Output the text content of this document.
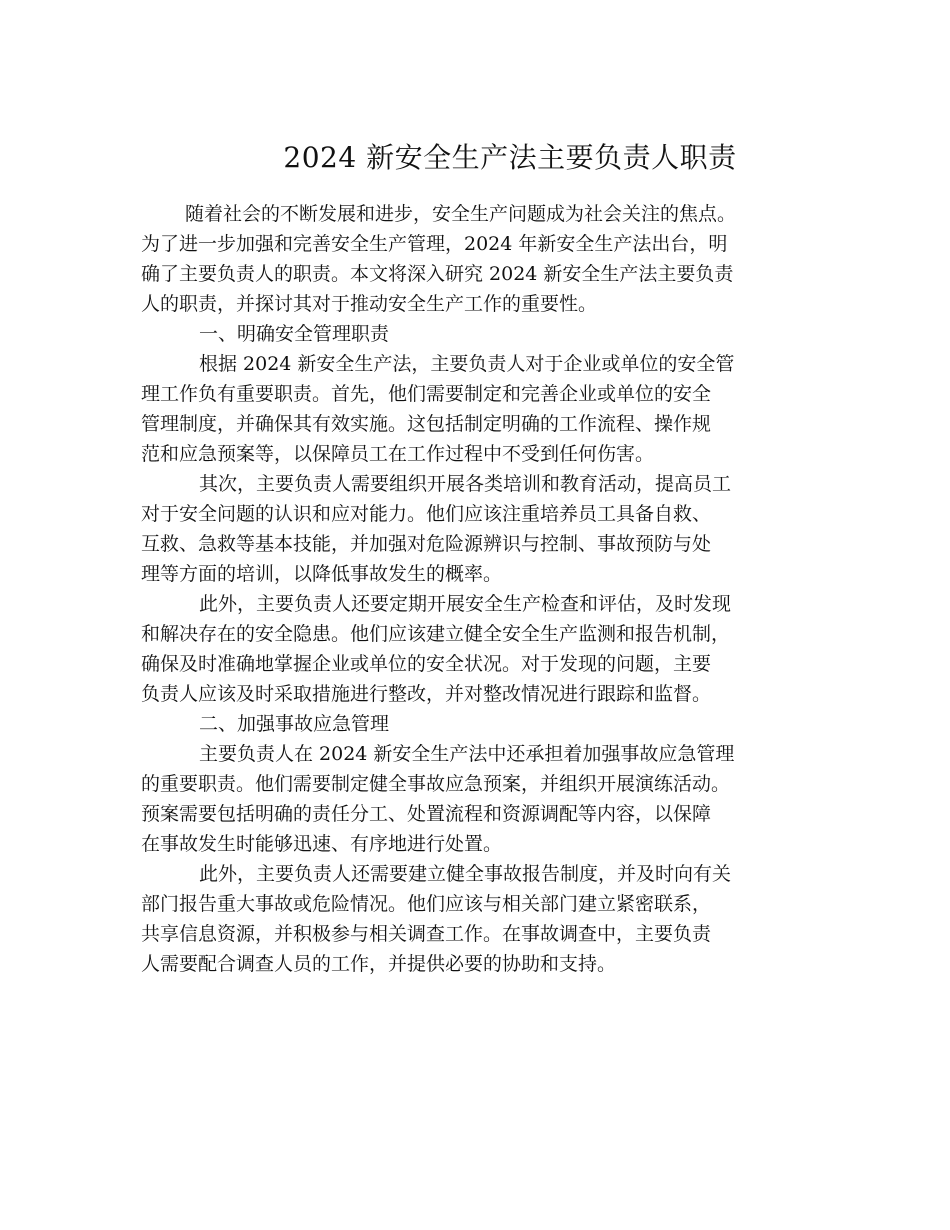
2024 新安全生产法主要负责人职责
随着社会的不断发展和进步，安全生产问题成为社会关注的焦点。
为了进一步加强和完善安全生产管理，2024 年新安全生产法出台，明
确了主要负责人的职责。本文将深入研究 2024 新安全生产法主要负责
人的职责，并探讨其对于推动安全生产工作的重要性。
一、明确安全管理职责
根据 2024 新安全生产法，主要负责人对于企业或单位的安全管
理工作负有重要职责。首先，他们需要制定和完善企业或单位的安全
管理制度，并确保其有效实施。这包括制定明确的工作流程、操作规
范和应急预案等，以保障员工在工作过程中不受到任何伤害。
其次，主要负责人需要组织开展各类培训和教育活动，提高员工
对于安全问题的认识和应对能力。他们应该注重培养员工具备自救、
互救、急救等基本技能，并加强对危险源辨识与控制、事故预防与处
理等方面的培训，以降低事故发生的概率。
此外，主要负责人还要定期开展安全生产检查和评估，及时发现
和解决存在的安全隐患。他们应该建立健全安全生产监测和报告机制，
确保及时准确地掌握企业或单位的安全状况。对于发现的问题，主要
负责人应该及时采取措施进行整改，并对整改情况进行跟踪和监督。
二、加强事故应急管理
主要负责人在 2024 新安全生产法中还承担着加强事故应急管理
的重要职责。他们需要制定健全事故应急预案，并组织开展演练活动。
预案需要包括明确的责任分工、处置流程和资源调配等内容，以保障
在事故发生时能够迅速、有序地进行处置。
此外，主要负责人还需要建立健全事故报告制度，并及时向有关
部门报告重大事故或危险情况。他们应该与相关部门建立紧密联系，
共享信息资源，并积极参与相关调查工作。在事故调查中，主要负责
人需要配合调查人员的工作，并提供必要的协助和支持。
